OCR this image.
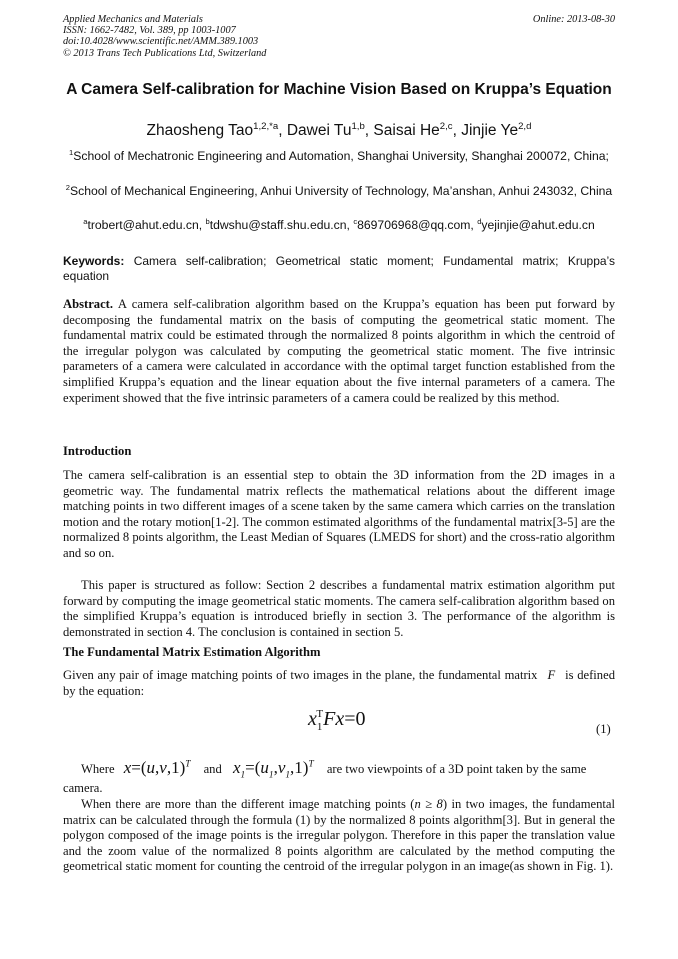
Applied Mechanics and Materials
ISSN: 1662-7482, Vol. 389, pp 1003-1007
doi:10.4028/www.scientific.net/AMM.389.1003
© 2013 Trans Tech Publications Ltd, Switzerland
Online: 2013-08-30
A Camera Self-calibration for Machine Vision Based on Kruppa’s Equation
Zhaosheng Tao$^{1,2,*a}$, Dawei Tu$^{1,b}$, Saisai He$^{2,c}$, Jinjie Ye$^{2,d}$
$^1$School of Mechatronic Engineering and Automation, Shanghai University, Shanghai 200072, China;
$^2$School of Mechanical Engineering, Anhui University of Technology, Ma’anshan, Anhui 243032, China
$^a$trobert@ahut.edu.cn, $^b$tdwshu@staff.shu.edu.cn, $^c$869706968@qq.com, $^d$yejinjie@ahut.edu.cn
Keywords: Camera self-calibration; Geometrical static moment; Fundamental matrix; Kruppa’s equation
Abstract. A camera self-calibration algorithm based on the Kruppa’s equation has been put forward by decomposing the fundamental matrix on the basis of computing the geometrical static moment. The fundamental matrix could be estimated through the normalized 8 points algorithm in which the centroid of the irregular polygon was calculated by computing the geometrical static moment. The five intrinsic parameters of a camera were calculated in accordance with the optimal target function established from the simplified Kruppa’s equation and the linear equation about the five internal parameters of a camera. The experiment showed that the five intrinsic parameters of a camera could be realized by this method.
Introduction
The camera self-calibration is an essential step to obtain the 3D information from the 2D images in a geometric way. The fundamental matrix reflects the mathematical relations about the different image matching points in two different images of a scene taken by the same camera which carries on the translation motion and the rotary motion[1-2]. The common estimated algorithms of the fundamental matrix[3-5] are the normalized 8 points algorithm, the Least Median of Squares (LMEDS for short) and the cross-ratio algorithm and so on.
This paper is structured as follow: Section 2 describes a fundamental matrix estimation algorithm put forward by computing the image geometrical static moments. The camera self-calibration algorithm based on the simplified Kruppa’s equation is introduced briefly in section 3. The performance of the algorithm is demonstrated in section 4. The conclusion is contained in section 5.
The Fundamental Matrix Estimation Algorithm
Given any pair of image matching points of two images in the plane, the fundamental matrix F is defined by the equation:
$x_1^TFx=0$	(1)
Where $x=(u,v,1)^T$ and $x_1=(u_1,v_1,1)^T$ are two viewpoints of a 3D point taken by the same
camera.
When there are more than the different image matching points (n ≥ 8) in two images, the fundamental matrix can be calculated through the formula (1) by the normalized 8 points algorithm[3]. But in general the polygon composed of the image points is the irregular polygon. Therefore in this paper the translation value and the zoom value of the normalized 8 points algorithm are calculated by the method computing the geometrical static moment for counting the centroid of the irregular polygon in an image(as shown in Fig. 1).
